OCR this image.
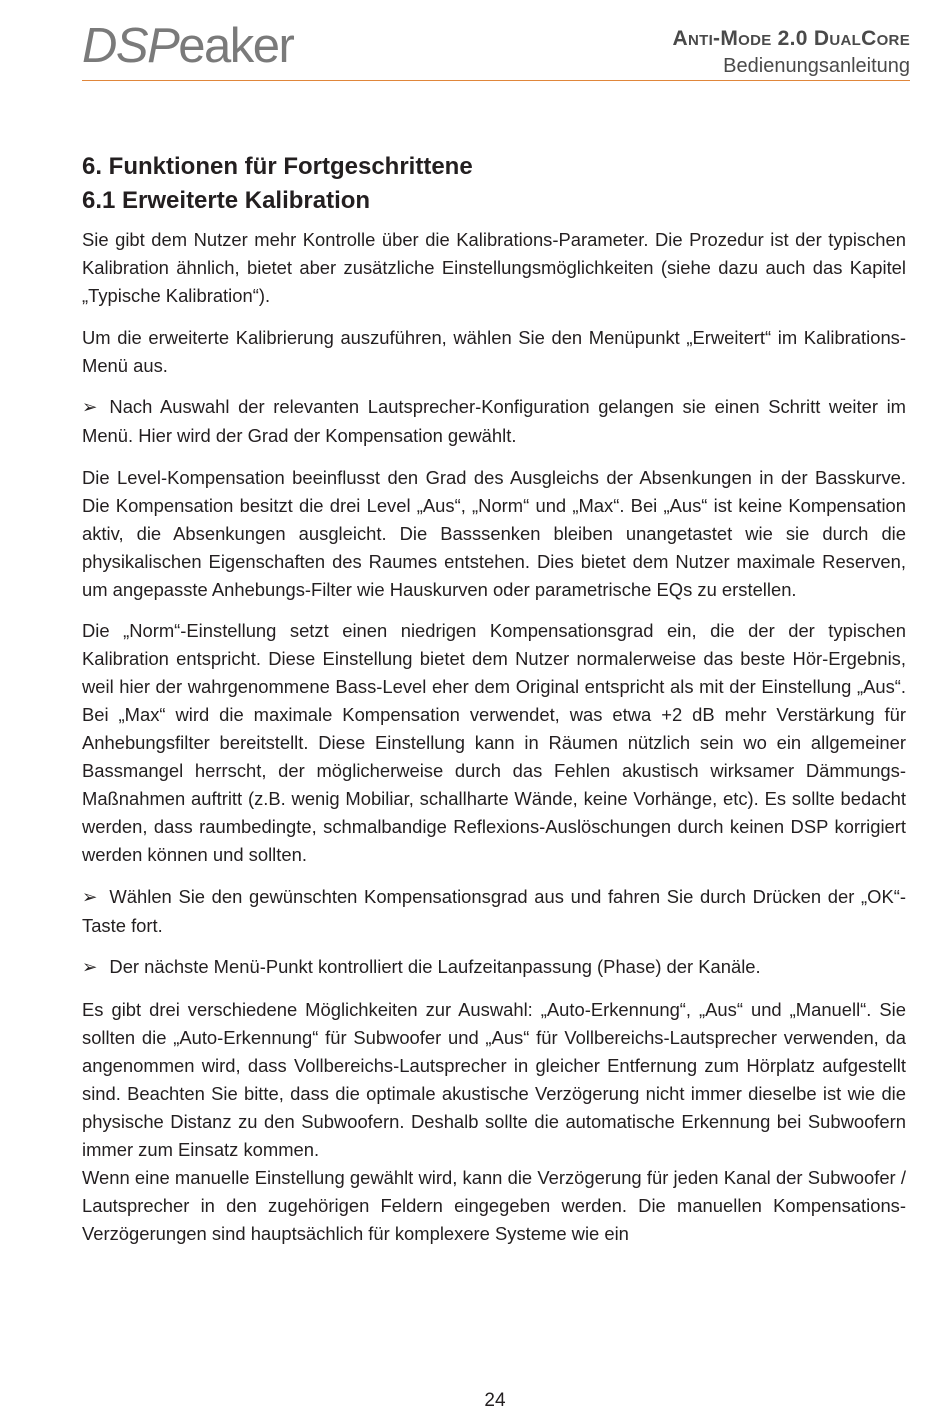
DSPeaker	ANTI-MODE 2.0 DUALCORE
Bedienungsanleitung
6. Funktionen für Fortgeschrittene
6.1 Erweiterte Kalibration

Sie gibt dem Nutzer mehr Kontrolle über die Kalibrations-Parameter. Die Prozedur ist der typischen Kalibration ähnlich, bietet aber zusätzliche Einstellungsmöglichkeiten (siehe dazu auch das Kapitel „Typische Kalibration“).

Um die erweiterte Kalibrierung auszuführen, wählen Sie den Menüpunkt „Erweitert“ im Kalibrations-Menü aus.

➢ Nach Auswahl der relevanten Lautsprecher-Konfiguration gelangen sie einen Schritt weiter im Menü. Hier wird der Grad der Kompensation gewählt.

Die Level-Kompensation beeinflusst den Grad des Ausgleichs der Absenkungen in der Basskurve. Die Kompensation besitzt die drei Level „Aus“, „Norm“ und „Max“. Bei „Aus“ ist keine Kompensation aktiv, die Absenkungen ausgleicht. Die Basssenken bleiben unangetastet wie sie durch die physikalischen Eigenschaften des Raumes entstehen. Dies bietet dem Nutzer maximale Reserven, um angepasste Anhebungs-Filter wie Hauskurven oder parametrische EQs zu erstellen.

Die „Norm“-Einstellung setzt einen niedrigen Kompensationsgrad ein, die der der typischen Kalibration entspricht. Diese Einstellung bietet dem Nutzer normalerweise das beste Hör-Ergebnis, weil hier der wahrgenommene Bass-Level eher dem Original entspricht als mit der Einstellung „Aus“. Bei „Max“ wird die maximale Kompensation verwendet, was etwa +2 dB mehr Verstärkung für Anhebungsfilter bereitstellt. Diese Einstellung kann in Räumen nützlich sein wo ein allgemeiner Bassmangel herrscht, der möglicherweise durch das Fehlen akustisch wirksamer Dämmungs-Maßnahmen auftritt (z.B. wenig Mobiliar, schallharte Wände, keine Vorhänge, etc). Es sollte bedacht werden, dass raumbedingte, schmalbandige Reflexions-Auslöschungen durch keinen DSP korrigiert werden können und sollten.

➢ Wählen Sie den gewünschten Kompensationsgrad aus und fahren Sie durch Drücken der „OK“-Taste fort.

➢ Der nächste Menü-Punkt kontrolliert die Laufzeitanpassung (Phase) der Kanäle.

Es gibt drei verschiedene Möglichkeiten zur Auswahl: „Auto-Erkennung“, „Aus“ und „Manuell“. Sie sollten die „Auto-Erkennung“ für Subwoofer und „Aus“ für Vollbereichs-Lautsprecher verwenden, da angenommen wird, dass Vollbereichs-Lautsprecher in gleicher Entfernung zum Hörplatz aufgestellt sind. Beachten Sie bitte, dass die optimale akustische Verzögerung nicht immer dieselbe ist wie die physische Distanz zu den Subwoofern. Deshalb sollte die automatische Erkennung bei Subwoofern immer zum Einsatz kommen.

Wenn eine manuelle Einstellung gewählt wird, kann die Verzögerung für jeden Kanal der Subwoofer / Lautsprecher in den zugehörigen Feldern eingegeben werden. Die manuellen Kompensations-Verzögerungen sind hauptsächlich für komplexere Systeme wie ein

24
